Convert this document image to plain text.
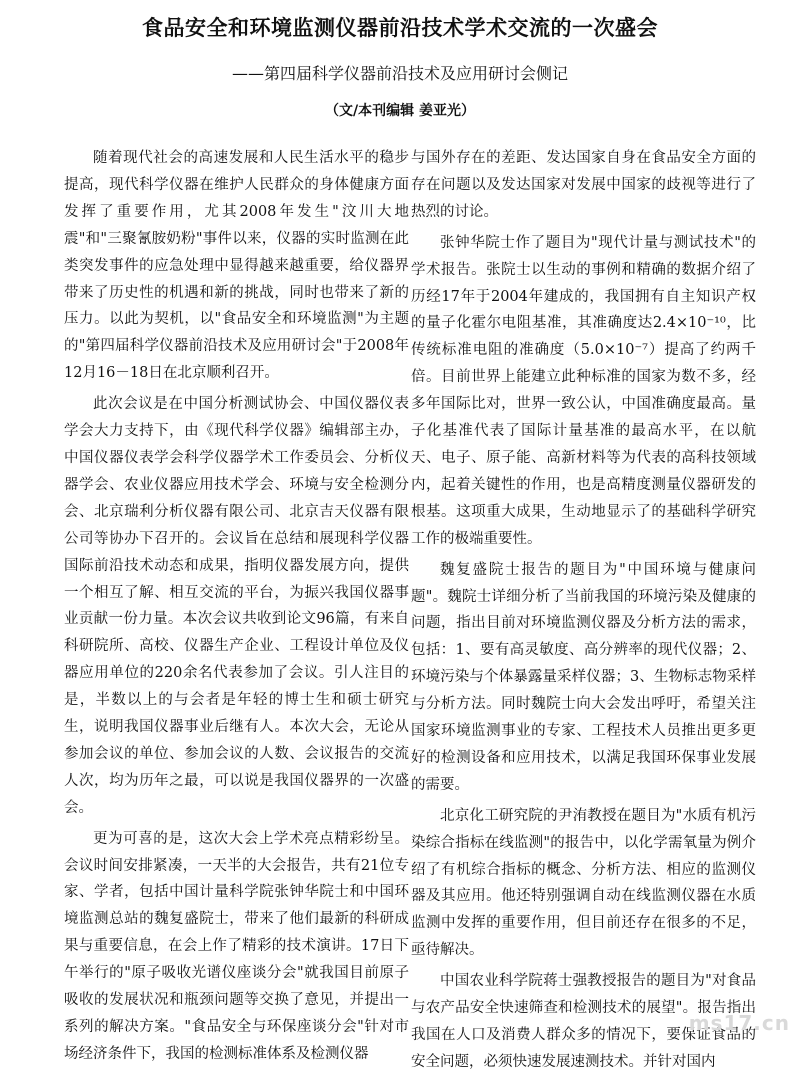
食品安全和环境监测仪器前沿技术学术交流的一次盛会
——第四届科学仪器前沿技术及应用研讨会侧记
（文/本刊编辑 姜亚光）

随着现代社会的高速发展和人民生活水平的稳步提高，现代科学仪器在维护人民群众的身体健康方面发挥了重要作用，尤其2008年发生"汶川大地震"和"三聚氰胺奶粉"事件以来，仪器的实时监测在此类突发事件的应急处理中显得越来越重要，给仪器界带来了历史性的机遇和新的挑战，同时也带来了新的压力。以此为契机，以"食品安全和环境监测"为主题的"第四届科学仪器前沿技术及应用研讨会"于2008年12月16－18日在北京顺利召开。

此次会议是在中国分析测试协会、中国仪器仪表学会大力支持下，由《现代科学仪器》编辑部主办，中国仪器仪表学会科学仪器学术工作委员会、分析仪器学会、农业仪器应用技术学会、环境与安全检测分会、北京瑞利分析仪器有限公司、北京吉天仪器有限公司等协办下召开的。会议旨在总结和展现科学仪器国际前沿技术动态和成果，指明仪器发展方向，提供一个相互了解、相互交流的平台，为振兴我国仪器事业贡献一份力量。本次会议共收到论文96篇，有来自科研院所、高校、仪器生产企业、工程设计单位及仪器应用单位的220余名代表参加了会议。引人注目的是，半数以上的与会者是年轻的博士生和硕士研究生，说明我国仪器事业后继有人。本次大会，无论从参加会议的单位、参加会议的人数、会议报告的交流人次，均为历年之最，可以说是我国仪器界的一次盛会。

更为可喜的是，这次大会上学术亮点精彩纷呈。会议时间安排紧凑，一天半的大会报告，共有21位专家、学者，包括中国计量科学院张钟华院士和中国环境监测总站的魏复盛院士，带来了他们最新的科研成果与重要信息，在会上作了精彩的技术演讲。17日下午举行的"原子吸收光谱仪座谈分会"就我国目前原子吸收的发展状况和瓶颈问题等交换了意见，并提出一系列的解决方案。"食品安全与环保座谈分会"针对市场经济条件下，我国的检测标准体系及检测仪器

与国外存在的差距、发达国家自身在食品安全方面的存在问题以及发达国家对发展中国家的歧视等进行了热烈的讨论。

张钟华院士作了题目为"现代计量与测试技术"的学术报告。张院士以生动的事例和精确的数据介绍了历经17年于2004年建成的，我国拥有自主知识产权的量子化霍尔电阻基准，其准确度达2.4×10⁻¹⁰，比传统标准电阻的准确度（5.0×10⁻⁷）提高了约两千倍。目前世界上能建立此种标准的国家为数不多，经多年国际比对，世界一致公认，中国准确度最高。量子化基准代表了国际计量基准的最高水平，在以航天、电子、原子能、高新材料等为代表的高科技领域内，起着关键性的作用，也是高精度测量仪器研发的根基。这项重大成果，生动地显示了的基础科学研究工作的极端重要性。

魏复盛院士报告的题目为"中国环境与健康问题"。魏院士详细分析了当前我国的环境污染及健康的问题，指出目前对环境监测仪器及分析方法的需求，包括：1、要有高灵敏度、高分辨率的现代仪器；2、环境污染与个体暴露量采样仪器；3、生物标志物采样与分析方法。同时魏院士向大会发出呼吁，希望关注国家环境监测事业的专家、工程技术人员推出更多更好的检测设备和应用技术，以满足我国环保事业发展的需要。

北京化工研究院的尹洧教授在题目为"水质有机污染综合指标在线监测"的报告中，以化学需氧量为例介绍了有机综合指标的概念、分析方法、相应的监测仪器及其应用。他还特别强调自动在线监测仪器在水质监测中发挥的重要作用，但目前还存在很多的不足，亟待解决。

中国农业科学院蒋士强教授报告的题目为"对食品与农产品安全快速筛查和检测技术的展望"。报告指出我国在人口及消费人群众多的情况下，要保证食品的安全问题，必须快速发展速测技术。并针对国内

ms17.cn
